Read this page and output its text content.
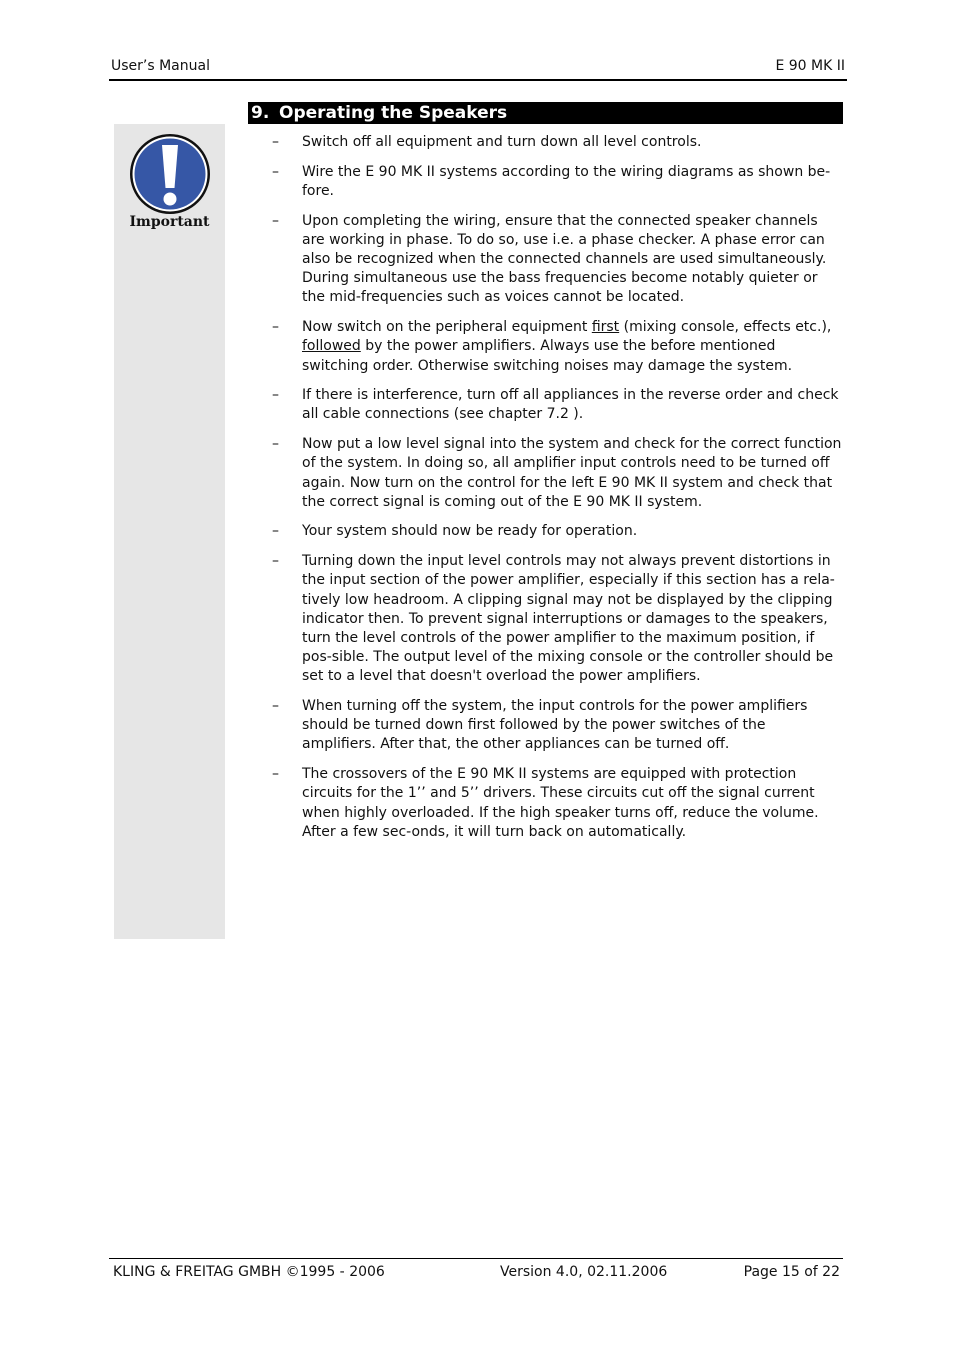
User’s Manual	E 90 MK II
Important
9. Operating the Speakers
– Switch off all equipment and turn down all level controls.
– Wire the E 90 MK II systems according to the wiring diagrams as shown be-fore.
– Upon completing the wiring, ensure that the connected speaker channels are working in phase. To do so, use i.e. a phase checker. A phase error can also be recognized when the connected channels are used simultaneously. During simultaneous use the bass frequencies become notably quieter or the mid-frequencies such as voices cannot be located.
– Now switch on the peripheral equipment first (mixing console, effects etc.), followed by the power amplifiers. Always use the before mentioned switching order. Otherwise switching noises may damage the system.
– If there is interference, turn off all appliances in the reverse order and check all cable connections (see chapter 7.2 ).
– Now put a low level signal into the system and check for the correct function of the system. In doing so, all amplifier input controls need to be turned off again. Now turn on the control for the left E 90 MK II system and check that the correct signal is coming out of the E 90 MK II system.
– Your system should now be ready for operation.
– Turning down the input level controls may not always prevent distortions in the input section of the power amplifier, especially if this section has a rela-tively low headroom. A clipping signal may not be displayed by the clipping indicator then. To prevent signal interruptions or damages to the speakers, turn the level controls of the power amplifier to the maximum position, if pos-sible. The output level of the mixing console or the controller should be set to a level that doesn't overload the power amplifiers.
– When turning off the system, the input controls for the power amplifiers should be turned down first followed by the power switches of the amplifiers. After that, the other appliances can be turned off.
– The crossovers of the E 90 MK II systems are equipped with protection circuits for the 1’’ and 5’’ drivers. These circuits cut off the signal current when highly overloaded. If the high speaker turns off, reduce the volume. After a few sec-onds, it will turn back on automatically.
KLING & FREITAG GMBH ©1995 - 2006	Version 4.0, 02.11.2006	Page 15 of 22
